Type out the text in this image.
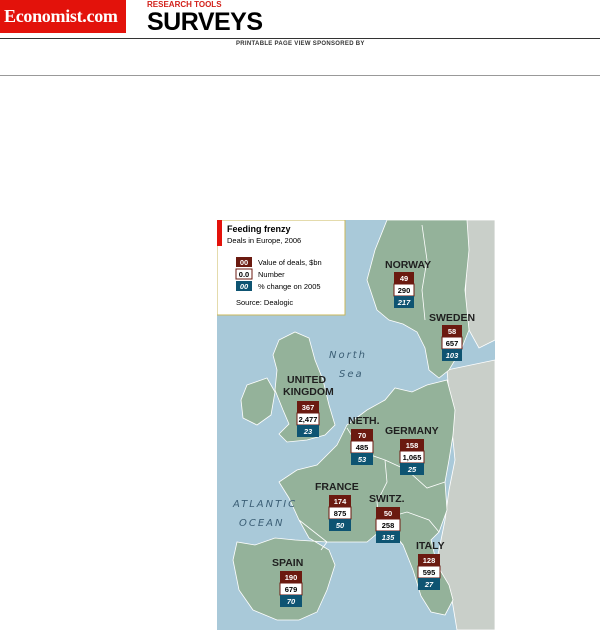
Economist.com
RESEARCH TOOLS
SURVEYS
PRINTABLE PAGE VIEW SPONSORED BY
North
Sea
ATLANTIC
OCEAN
Feeding frenzy
Deals in Europe, 2006
00 Value of deals, $bn
0.0 Number
00 % change on 2005
Source: Dealogic
NORWAY
49
290
217
SWEDEN
58
657
103
UNITED
KINGDOM
367
2,477
23
NETH.
70
485
53
GERMANY
158
1,065
25
FRANCE
174
875
50
SWITZ.
50
258
135
ITALY
128
595
27
SPAIN
190
679
70
